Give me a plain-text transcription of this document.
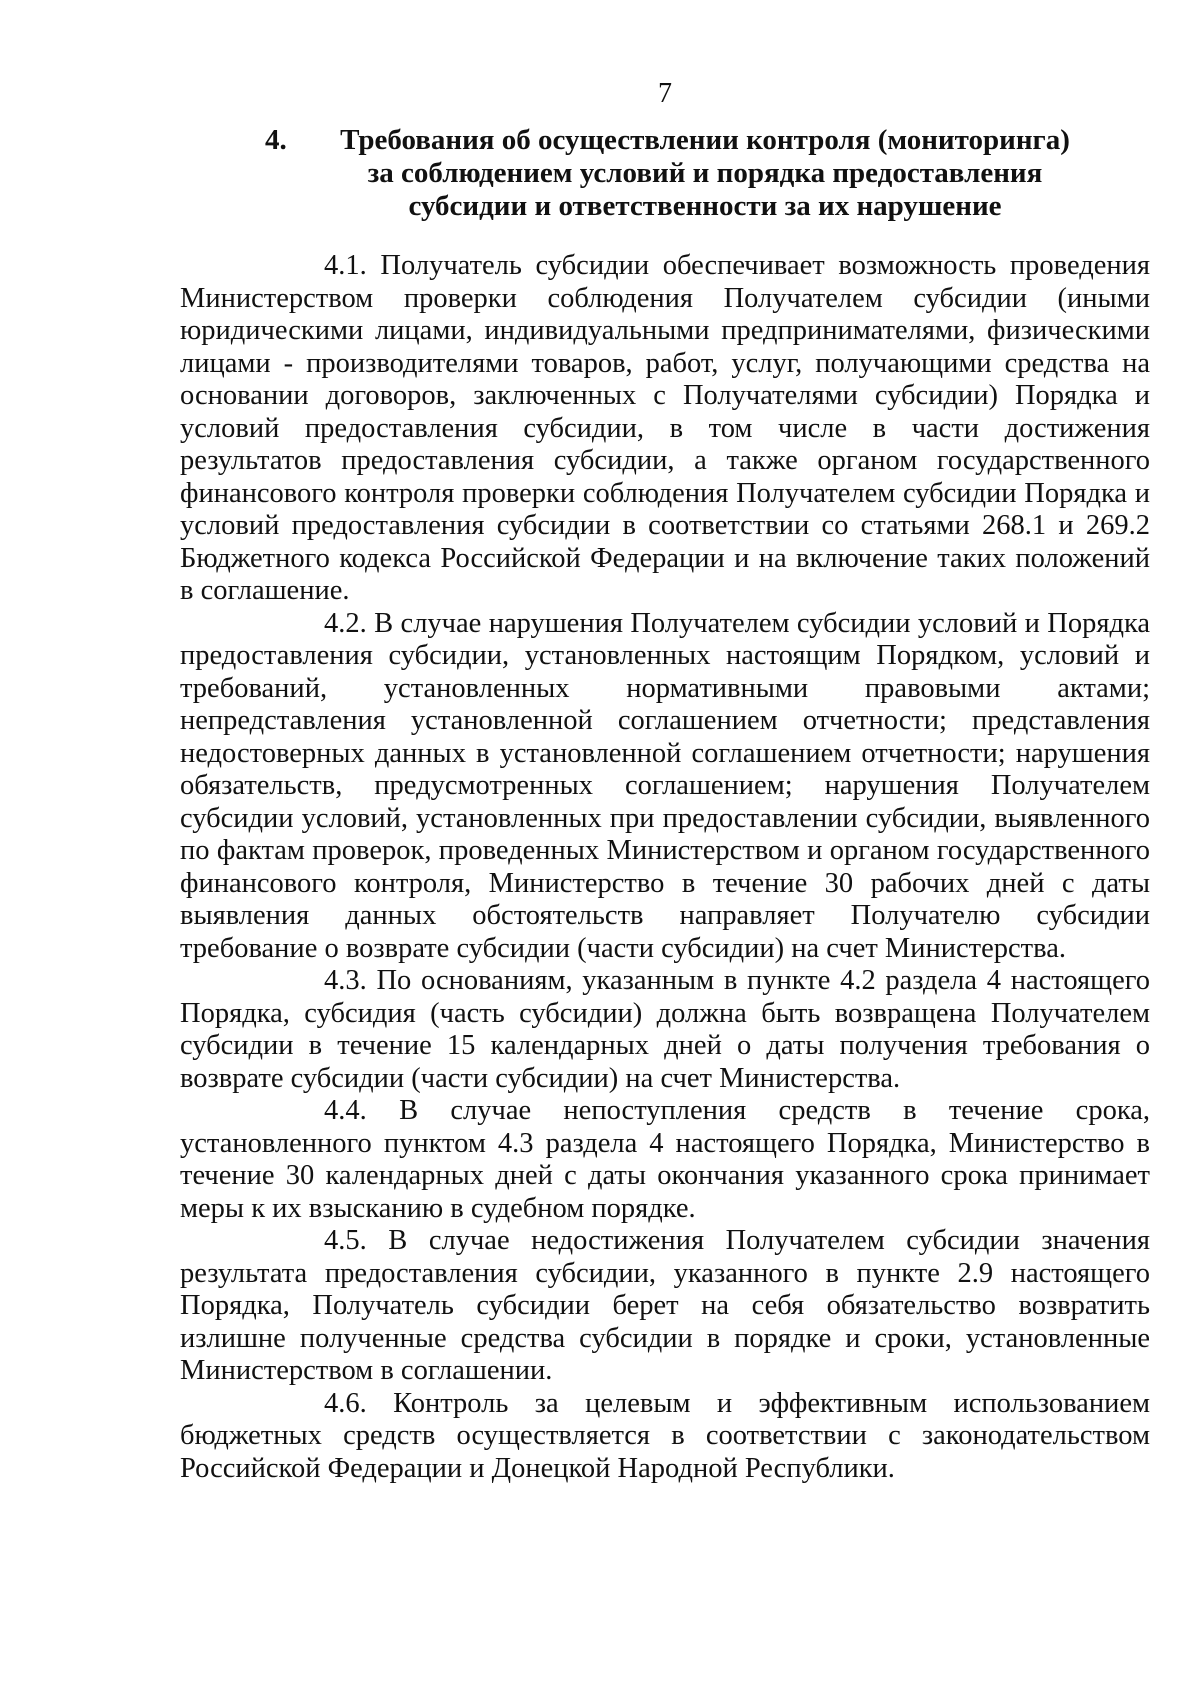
7
4.	Требования об осуществлении контроля (мониторинга)
за соблюдением условий и порядка предоставления
субсидии и ответственности за их нарушение

4.1. Получатель субсидии обеспечивает возможность проведения Министерством проверки соблюдения Получателем субсидии (иными юридическими лицами, индивидуальными предпринимателями, физическими лицами - производителями товаров, работ, услуг, получающими средства на основании договоров, заключенных с Получателями субсидии) Порядка и условий предоставления субсидии, в том числе в части достижения результатов предоставления субсидии, а также органом государственного финансового контроля проверки соблюдения Получателем субсидии Порядка и условий предоставления субсидии в соответствии со статьями 268.1 и 269.2 Бюджетного кодекса Российской Федерации и на включение таких положений в соглашение.

4.2. В случае нарушения Получателем субсидии условий и Порядка предоставления субсидии, установленных настоящим Порядком, условий и требований, установленных нормативными правовыми актами; непредставления установленной соглашением отчетности; представления недостоверных данных в установленной соглашением отчетности; нарушения обязательств, предусмотренных соглашением; нарушения Получателем субсидии условий, установленных при предоставлении субсидии, выявленного по фактам проверок, проведенных Министерством и органом государственного финансового контроля, Министерство в течение 30 рабочих дней с даты выявления данных обстоятельств направляет Получателю субсидии требование о возврате субсидии (части субсидии) на счет Министерства.

4.3. По основаниям, указанным в пункте 4.2 раздела 4 настоящего Порядка, субсидия (часть субсидии) должна быть возвращена Получателем субсидии в течение 15 календарных дней о даты получения требования о возврате субсидии (части субсидии) на счет Министерства.

4.4. В случае непоступления средств в течение срока, установленного пунктом 4.3 раздела 4 настоящего Порядка, Министерство в течение 30 календарных дней с даты окончания указанного срока принимает меры к их взысканию в судебном порядке.

4.5. В случае недостижения Получателем субсидии значения результата предоставления субсидии, указанного в пункте 2.9 настоящего Порядка, Получатель субсидии берет на себя обязательство возвратить излишне полученные средства субсидии в порядке и сроки, установленные Министерством в соглашении.

4.6. Контроль за целевым и эффективным использованием бюджетных средств осуществляется в соответствии с законодательством Российской Федерации и Донецкой Народной Республики.
